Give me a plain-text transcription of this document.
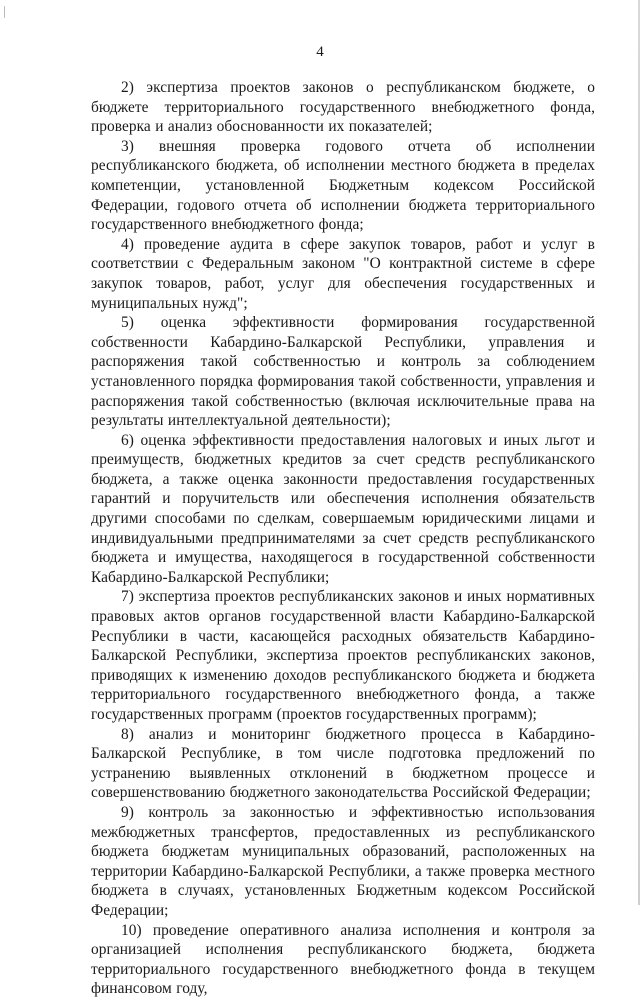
4

2) экспертиза проектов законов о республиканском бюджете, о бюджете территориального государственного внебюджетного фонда, проверка и анализ обоснованности их показателей;

3) внешняя проверка годового отчета об исполнении республиканского бюджета, об исполнении местного бюджета в пределах компетенции, установленной Бюджетным кодексом Российской Федерации, годового отчета об исполнении бюджета территориального государственного внебюджетного фонда;

4) проведение аудита в сфере закупок товаров, работ и услуг в соответствии с Федеральным законом "О контрактной системе в сфере закупок товаров, работ, услуг для обеспечения государственных и муниципальных нужд";

5) оценка эффективности формирования государственной собственности Кабардино-Балкарской Республики, управления и распоряжения такой собственностью и контроль за соблюдением установленного порядка формирования такой собственности, управления и распоряжения такой собственностью (включая исключительные права на результаты интеллектуальной деятельности);

6) оценка эффективности предоставления налоговых и иных льгот и преимуществ, бюджетных кредитов за счет средств республиканского бюджета, а также оценка законности предоставления государственных гарантий и поручительств или обеспечения исполнения обязательств другими способами по сделкам, совершаемым юридическими лицами и индивидуальными предпринимателями за счет средств республиканского бюджета и имущества, находящегося в государственной собственности Кабардино-Балкарской Республики;

7) экспертиза проектов республиканских законов и иных нормативных правовых актов органов государственной власти Кабардино-Балкарской Республики в части, касающейся расходных обязательств Кабардино-Балкарской Республики, экспертиза проектов республиканских законов, приводящих к изменению доходов республиканского бюджета и бюджета территориального государственного внебюджетного фонда, а также государственных программ (проектов государственных программ);

8) анализ и мониторинг бюджетного процесса в Кабардино-Балкарской Республике, в том числе подготовка предложений по устранению выявленных отклонений в бюджетном процессе и совершенствованию бюджетного законодательства Российской Федерации;

9) контроль за законностью и эффективностью использования межбюджетных трансфертов, предоставленных из республиканского бюджета бюджетам муниципальных образований, расположенных на территории Кабардино-Балкарской Республики, а также проверка местного бюджета в случаях, установленных Бюджетным кодексом Российской Федерации;

10) проведение оперативного анализа исполнения и контроля за организацией исполнения республиканского бюджета, бюджета территориального государственного внебюджетного фонда в текущем финансовом году,
